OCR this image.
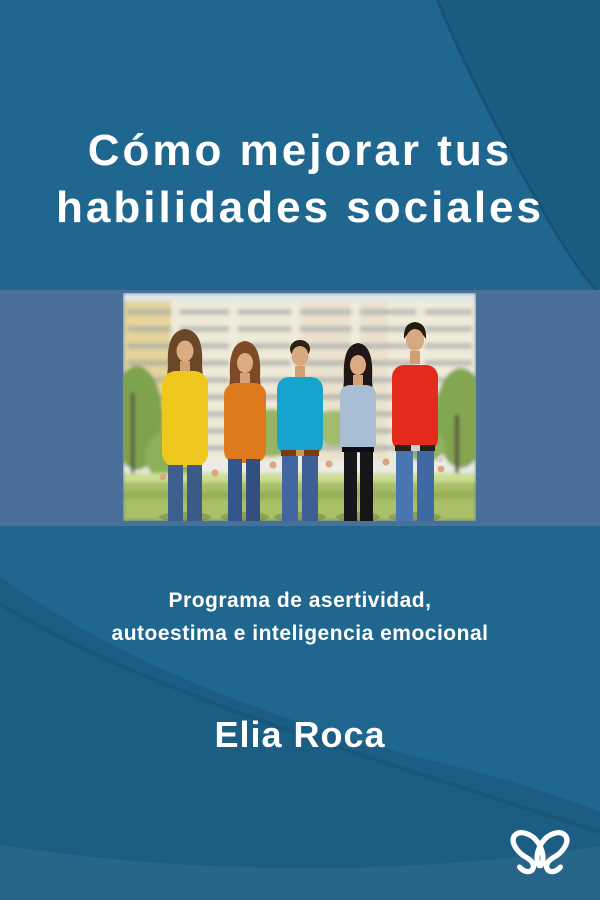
Cómo mejorar tus
habilidades sociales
Programa de asertividad,
autoestima e inteligencia emocional
Elia Roca
